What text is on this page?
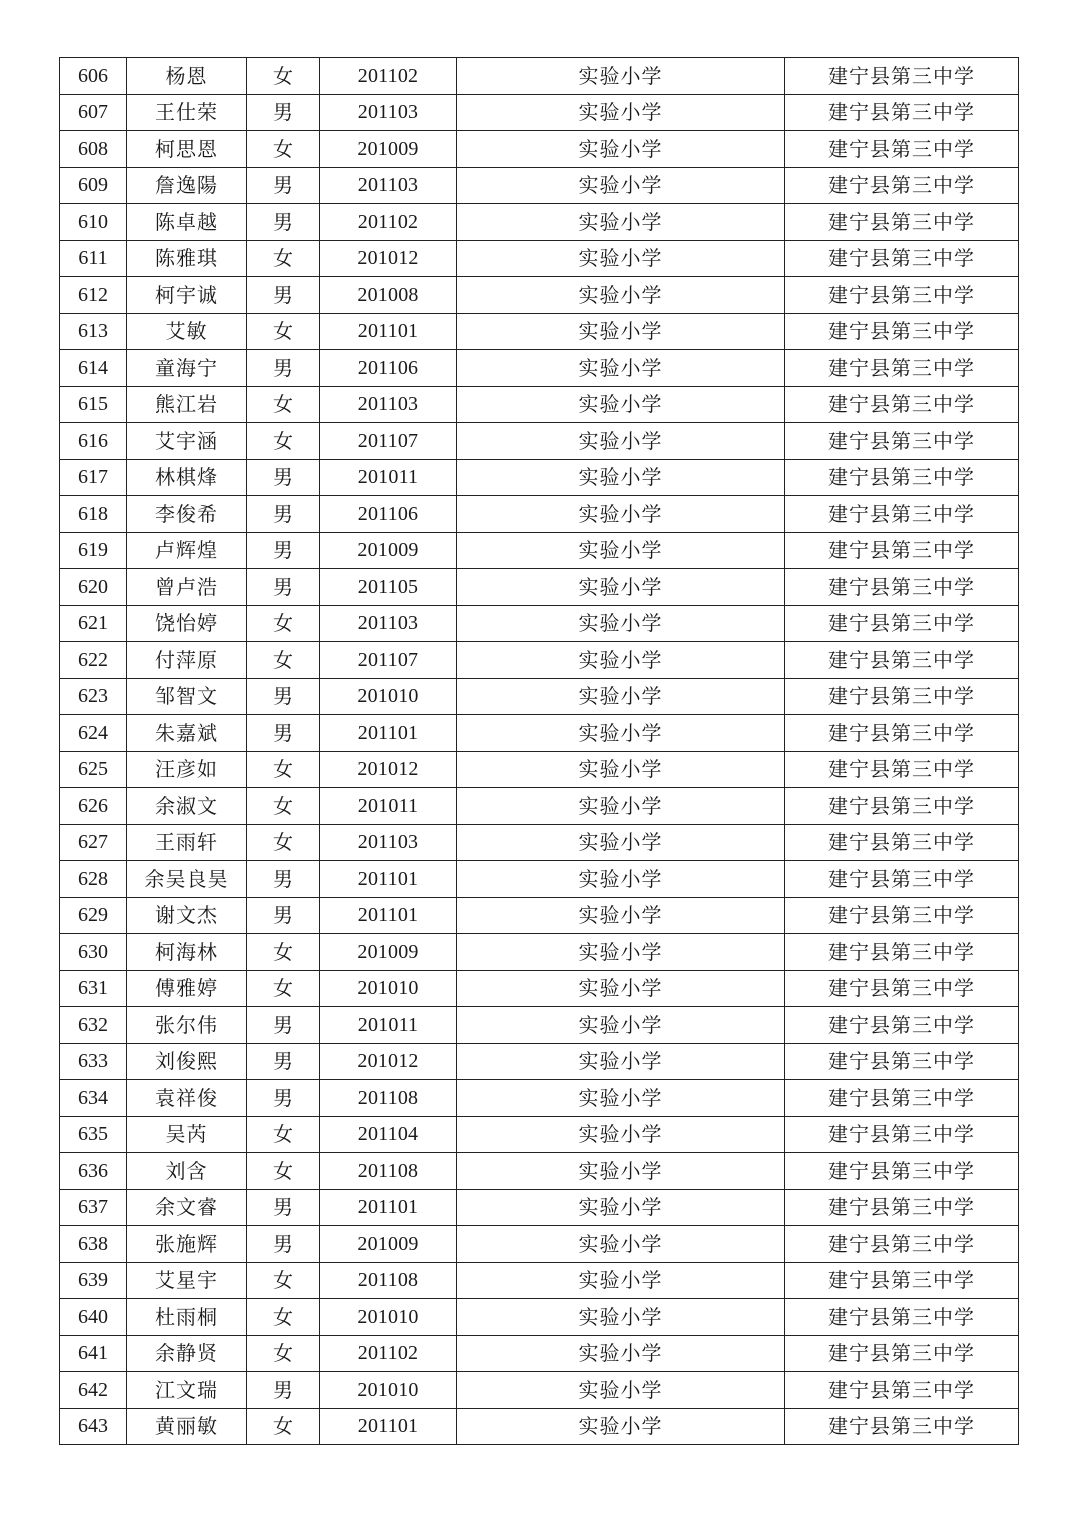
606	杨恩	女	201102	实验小学	建宁县第三中学
607	王仕荣	男	201103	实验小学	建宁县第三中学
608	柯思恩	女	201009	实验小学	建宁县第三中学
609	詹逸陽	男	201103	实验小学	建宁县第三中学
610	陈卓越	男	201102	实验小学	建宁县第三中学
611	陈雅琪	女	201012	实验小学	建宁县第三中学
612	柯宇诚	男	201008	实验小学	建宁县第三中学
613	艾敏	女	201101	实验小学	建宁县第三中学
614	童海宁	男	201106	实验小学	建宁县第三中学
615	熊江岩	女	201103	实验小学	建宁县第三中学
616	艾宇涵	女	201107	实验小学	建宁县第三中学
617	林棋烽	男	201011	实验小学	建宁县第三中学
618	李俊希	男	201106	实验小学	建宁县第三中学
619	卢辉煌	男	201009	实验小学	建宁县第三中学
620	曾卢浩	男	201105	实验小学	建宁县第三中学
621	饶怡婷	女	201103	实验小学	建宁县第三中学
622	付萍原	女	201107	实验小学	建宁县第三中学
623	邹智文	男	201010	实验小学	建宁县第三中学
624	朱嘉斌	男	201101	实验小学	建宁县第三中学
625	汪彦如	女	201012	实验小学	建宁县第三中学
626	余淑文	女	201011	实验小学	建宁县第三中学
627	王雨轩	女	201103	实验小学	建宁县第三中学
628	余吴良昊	男	201101	实验小学	建宁县第三中学
629	谢文杰	男	201101	实验小学	建宁县第三中学
630	柯海林	女	201009	实验小学	建宁县第三中学
631	傅雅婷	女	201010	实验小学	建宁县第三中学
632	张尔伟	男	201011	实验小学	建宁县第三中学
633	刘俊熙	男	201012	实验小学	建宁县第三中学
634	袁祥俊	男	201108	实验小学	建宁县第三中学
635	吴芮	女	201104	实验小学	建宁县第三中学
636	刘含	女	201108	实验小学	建宁县第三中学
637	余文睿	男	201101	实验小学	建宁县第三中学
638	张施辉	男	201009	实验小学	建宁县第三中学
639	艾星宇	女	201108	实验小学	建宁县第三中学
640	杜雨桐	女	201010	实验小学	建宁县第三中学
641	余静贤	女	201102	实验小学	建宁县第三中学
642	江文瑞	男	201010	实验小学	建宁县第三中学
643	黄丽敏	女	201101	实验小学	建宁县第三中学
